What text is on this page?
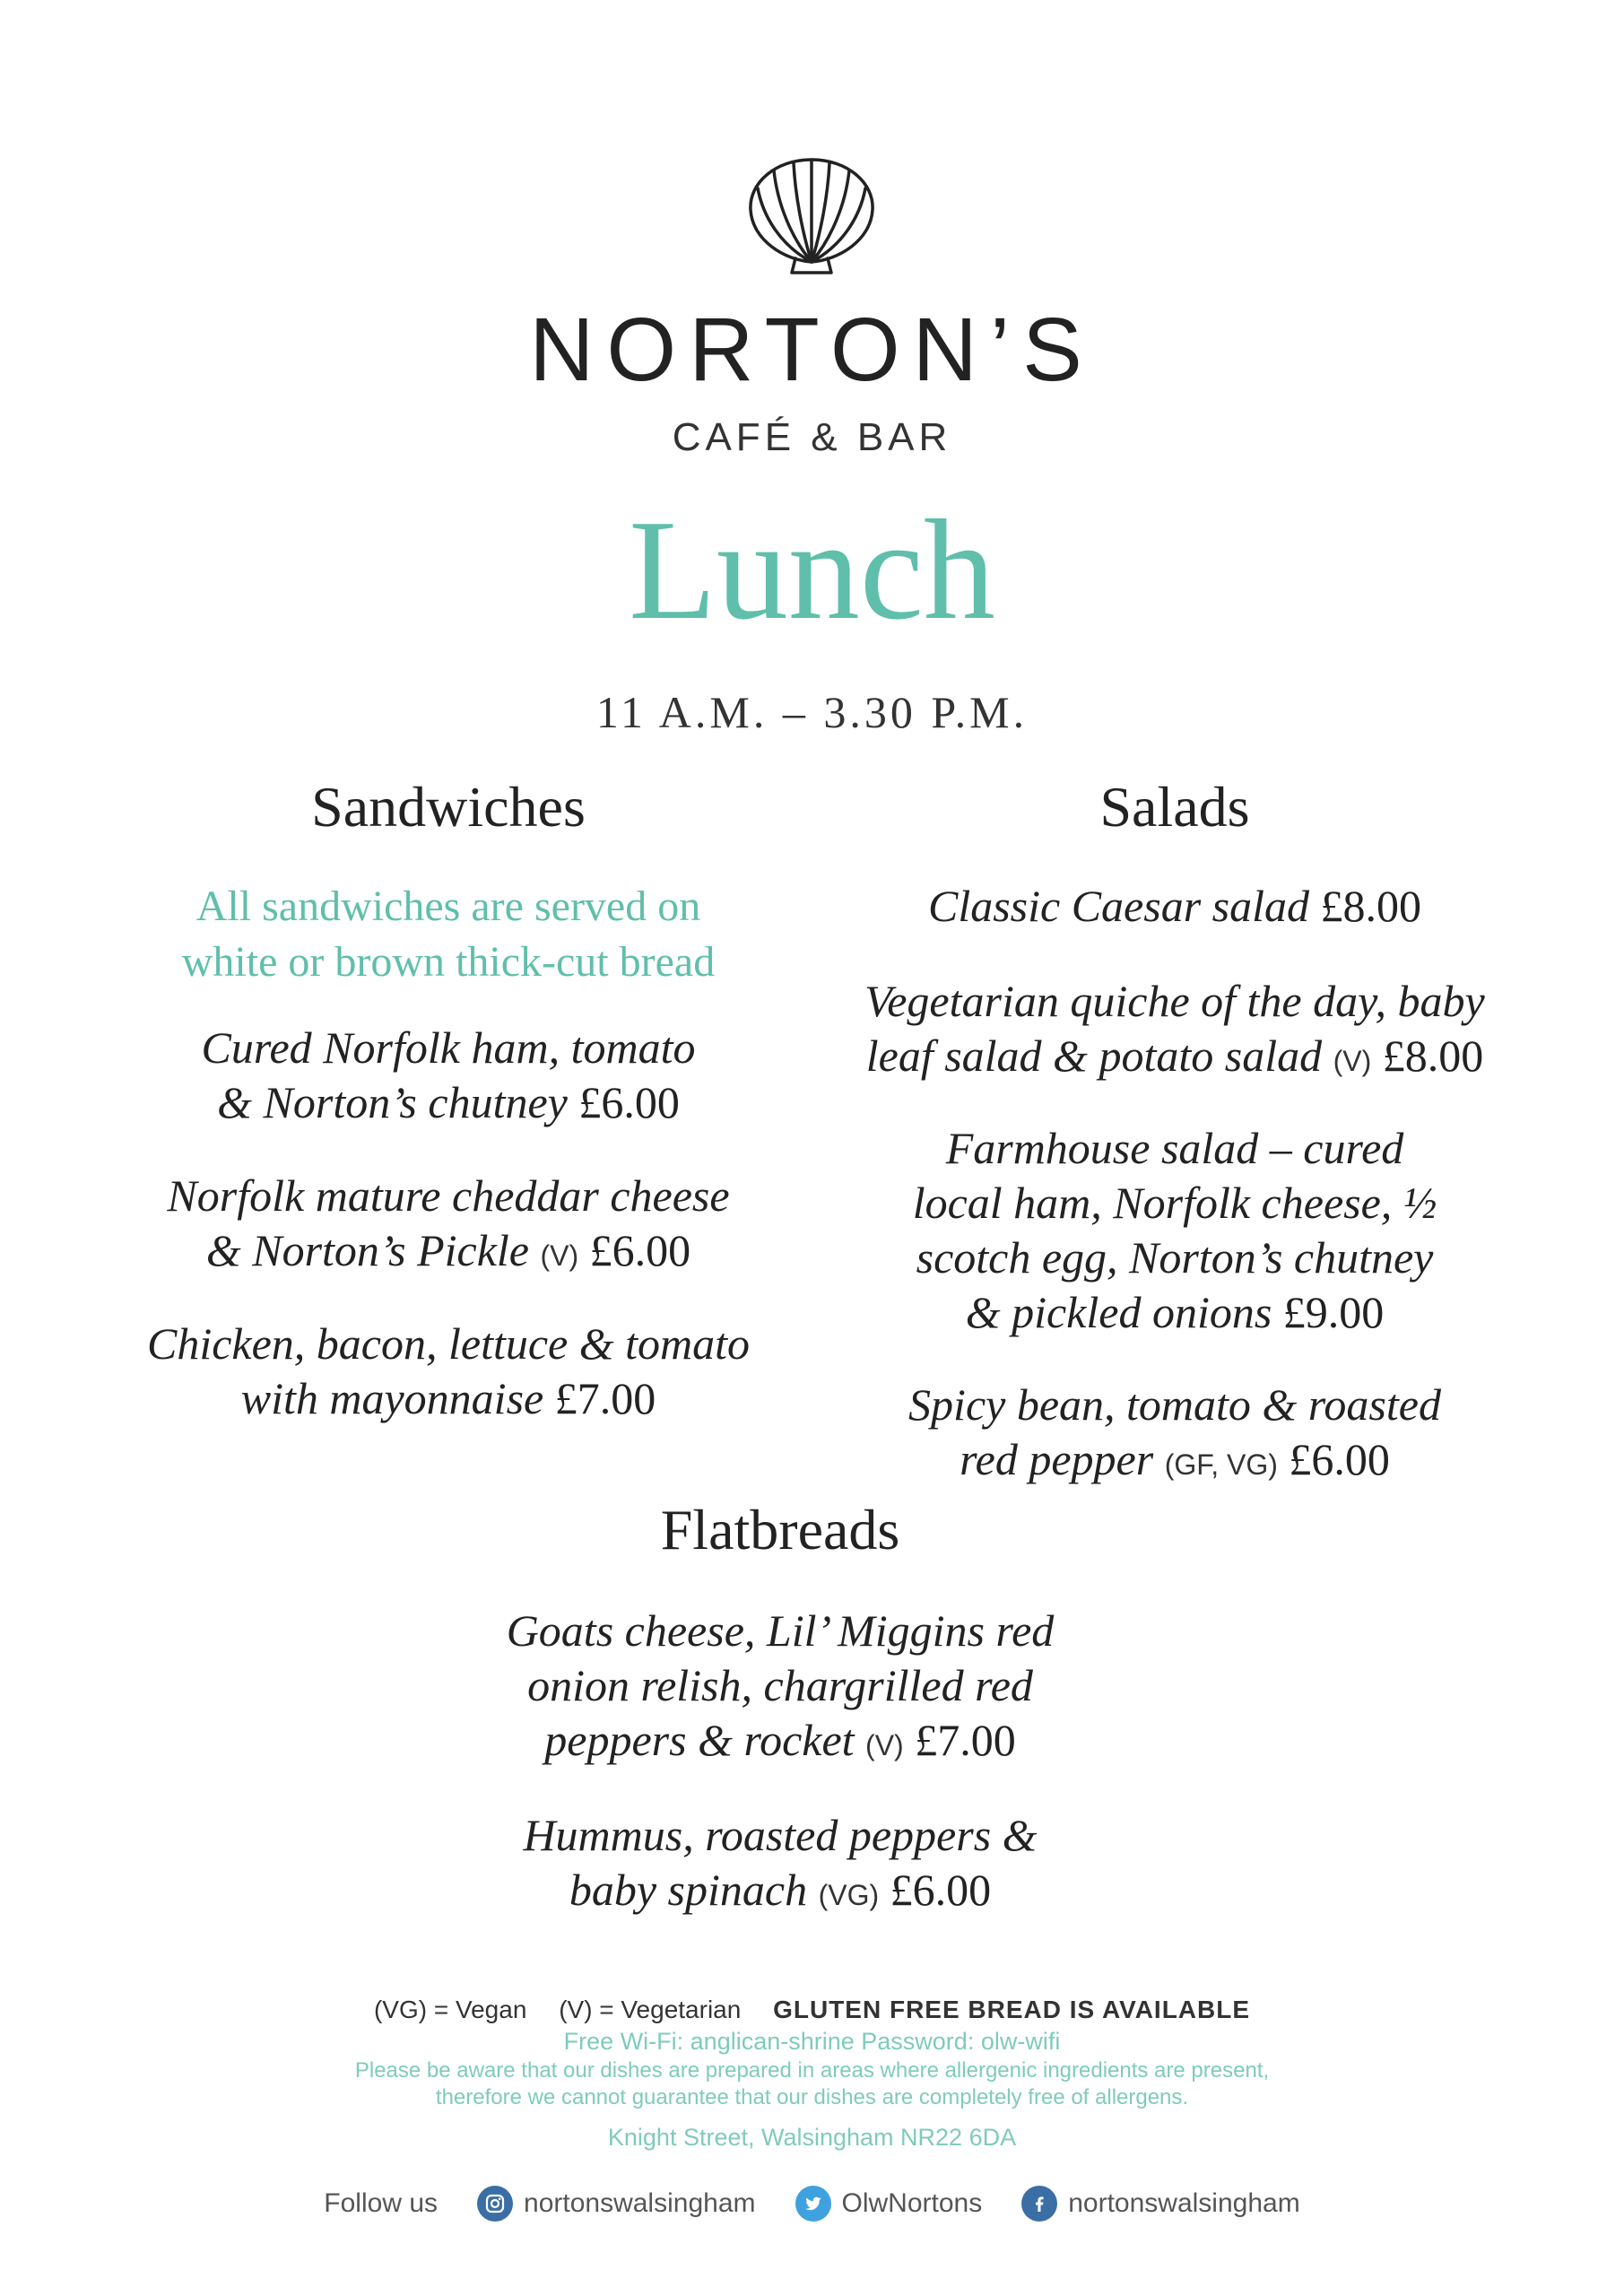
NORTON’S
CAFÉ & BAR
Lunch
11 A.M. – 3.30 P.M.
Sandwiches
All sandwiches are served on
white or brown thick-cut bread
Cured Norfolk ham, tomato
& Norton’s chutney £6.00
Norfolk mature cheddar cheese
& Norton’s Pickle (V) £6.00
Chicken, bacon, lettuce & tomato
with mayonnaise £7.00
Salads
Classic Caesar salad £8.00
Vegetarian quiche of the day, baby
leaf salad & potato salad (V) £8.00
Farmhouse salad – cured
local ham, Norfolk cheese, ½
scotch egg, Norton’s chutney
& pickled onions £9.00
Spicy bean, tomato & roasted
red pepper (GF, VG) £6.00
Flatbreads
Goats cheese, Lil’ Miggins red
onion relish, chargrilled red
peppers & rocket (V) £7.00
Hummus, roasted peppers &
baby spinach (VG) £6.00
(VG) = Vegan (V) = Vegetarian GLUTEN FREE BREAD IS AVAILABLE
Free Wi-Fi: anglican-shrine Password: olw-wifi
Please be aware that our dishes are prepared in areas where allergenic ingredients are present,
therefore we cannot guarantee that our dishes are completely free of allergens.
Knight Street, Walsingham NR22 6DA
Follow us	nortonswalsingham	OlwNortons	nortonswalsingham
